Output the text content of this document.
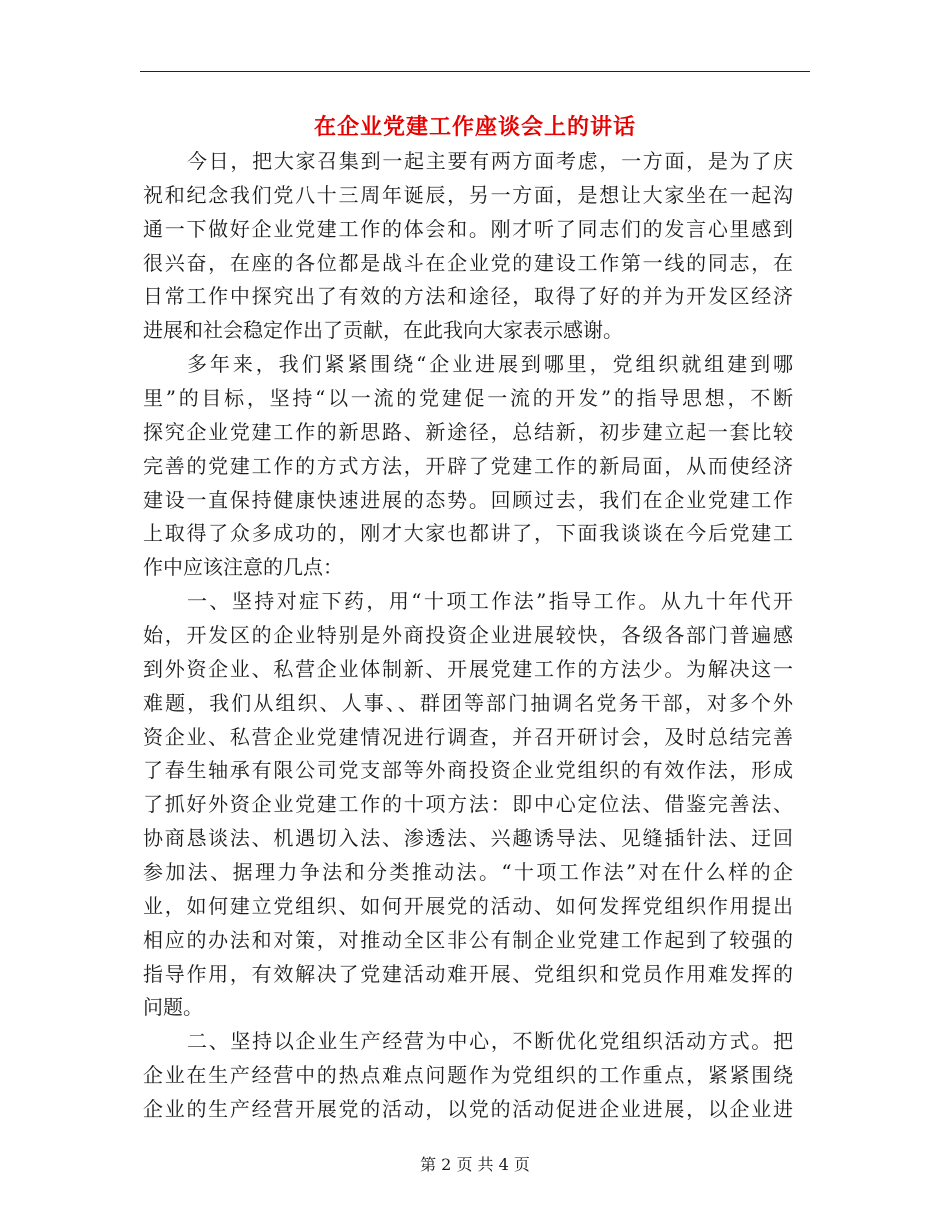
在企业党建工作座谈会上的讲话
今日，把大家召集到一起主要有两方面考虑，一方面，是为了庆
祝和纪念我们党八十三周年诞辰，另一方面，是想让大家坐在一起沟
通一下做好企业党建工作的体会和。刚才听了同志们的发言心里感到
很兴奋，在座的各位都是战斗在企业党的建设工作第一线的同志，在
日常工作中探究出了有效的方法和途径，取得了好的并为开发区经济
进展和社会稳定作出了贡献，在此我向大家表示感谢。
多年来，我们紧紧围绕“企业进展到哪里，党组织就组建到哪
里”的目标，坚持“以一流的党建促一流的开发”的指导思想，不断
探究企业党建工作的新思路、新途径，总结新，初步建立起一套比较
完善的党建工作的方式方法，开辟了党建工作的新局面，从而使经济
建设一直保持健康快速进展的态势。回顾过去，我们在企业党建工作
上取得了众多成功的，刚才大家也都讲了，下面我谈谈在今后党建工
作中应该注意的几点：
一、坚持对症下药，用“十项工作法”指导工作。从九十年代开
始，开发区的企业特别是外商投资企业进展较快，各级各部门普遍感
到外资企业、私营企业体制新、开展党建工作的方法少。为解决这一
难题，我们从组织、人事、、群团等部门抽调名党务干部，对多个外
资企业、私营企业党建情况进行调查，并召开研讨会，及时总结完善
了春生轴承有限公司党支部等外商投资企业党组织的有效作法，形成
了抓好外资企业党建工作的十项方法：即中心定位法、借鉴完善法、
协商恳谈法、机遇切入法、渗透法、兴趣诱导法、见缝插针法、迂回
参加法、据理力争法和分类推动法。“十项工作法”对在什么样的企
业，如何建立党组织、如何开展党的活动、如何发挥党组织作用提出
相应的办法和对策，对推动全区非公有制企业党建工作起到了较强的
指导作用，有效解决了党建活动难开展、党组织和党员作用难发挥的
问题。
二、坚持以企业生产经营为中心，不断优化党组织活动方式。把
企业在生产经营中的热点难点问题作为党组织的工作重点，紧紧围绕
企业的生产经营开展党的活动，以党的活动促进企业进展，以企业进
第 2 页 共 4 页
